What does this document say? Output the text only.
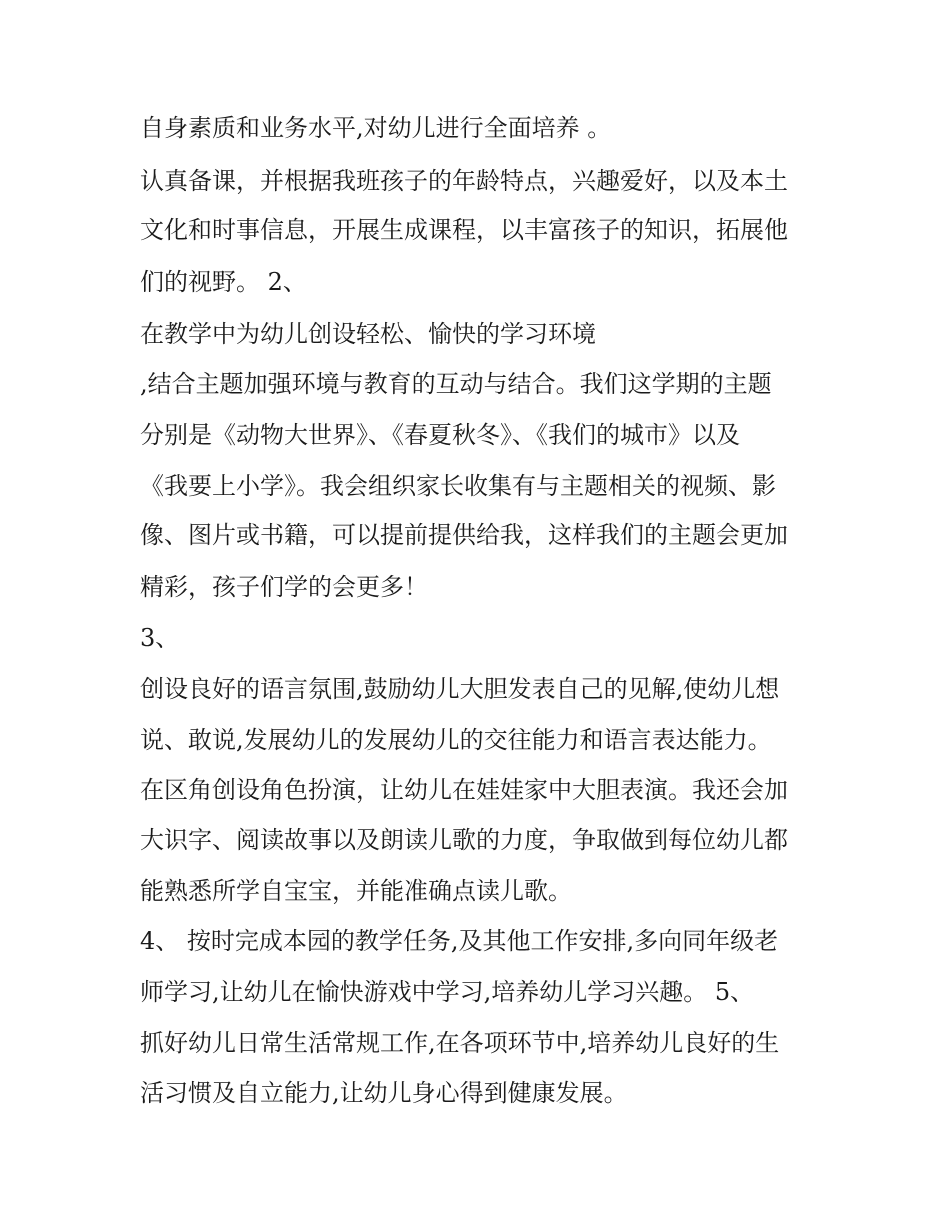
自身素质和业务水平,对幼儿进行全面培养 。

认真备课，并根据我班孩子的年龄特点，兴趣爱好，以及本土

文化和时事信息，开展生成课程，以丰富孩子的知识，拓展他

们的视野。 2、

在教学中为幼儿创设轻松、愉快的学习环境

,结合主题加强环境与教育的互动与结合。我们这学期的主题

分别是《动物大世界》、《春夏秋冬》、《我们的城市》以及

《我要上小学》。我会组织家长收集有与主题相关的视频、影

像、图片或书籍，可以提前提供给我，这样我们的主题会更加

精彩，孩子们学的会更多！

3、

创设良好的语言氛围,鼓励幼儿大胆发表自己的见解,使幼儿想

说、敢说,发展幼儿的发展幼儿的交往能力和语言表达能力。

在区角创设角色扮演，让幼儿在娃娃家中大胆表演。我还会加

大识字、阅读故事以及朗读儿歌的力度，争取做到每位幼儿都

能熟悉所学自宝宝，并能准确点读儿歌。

4、 按时完成本园的教学任务,及其他工作安排,多向同年级老

师学习,让幼儿在愉快游戏中学习,培养幼儿学习兴趣。 5、

抓好幼儿日常生活常规工作,在各项环节中,培养幼儿良好的生

活习惯及自立能力,让幼儿身心得到健康发展。
